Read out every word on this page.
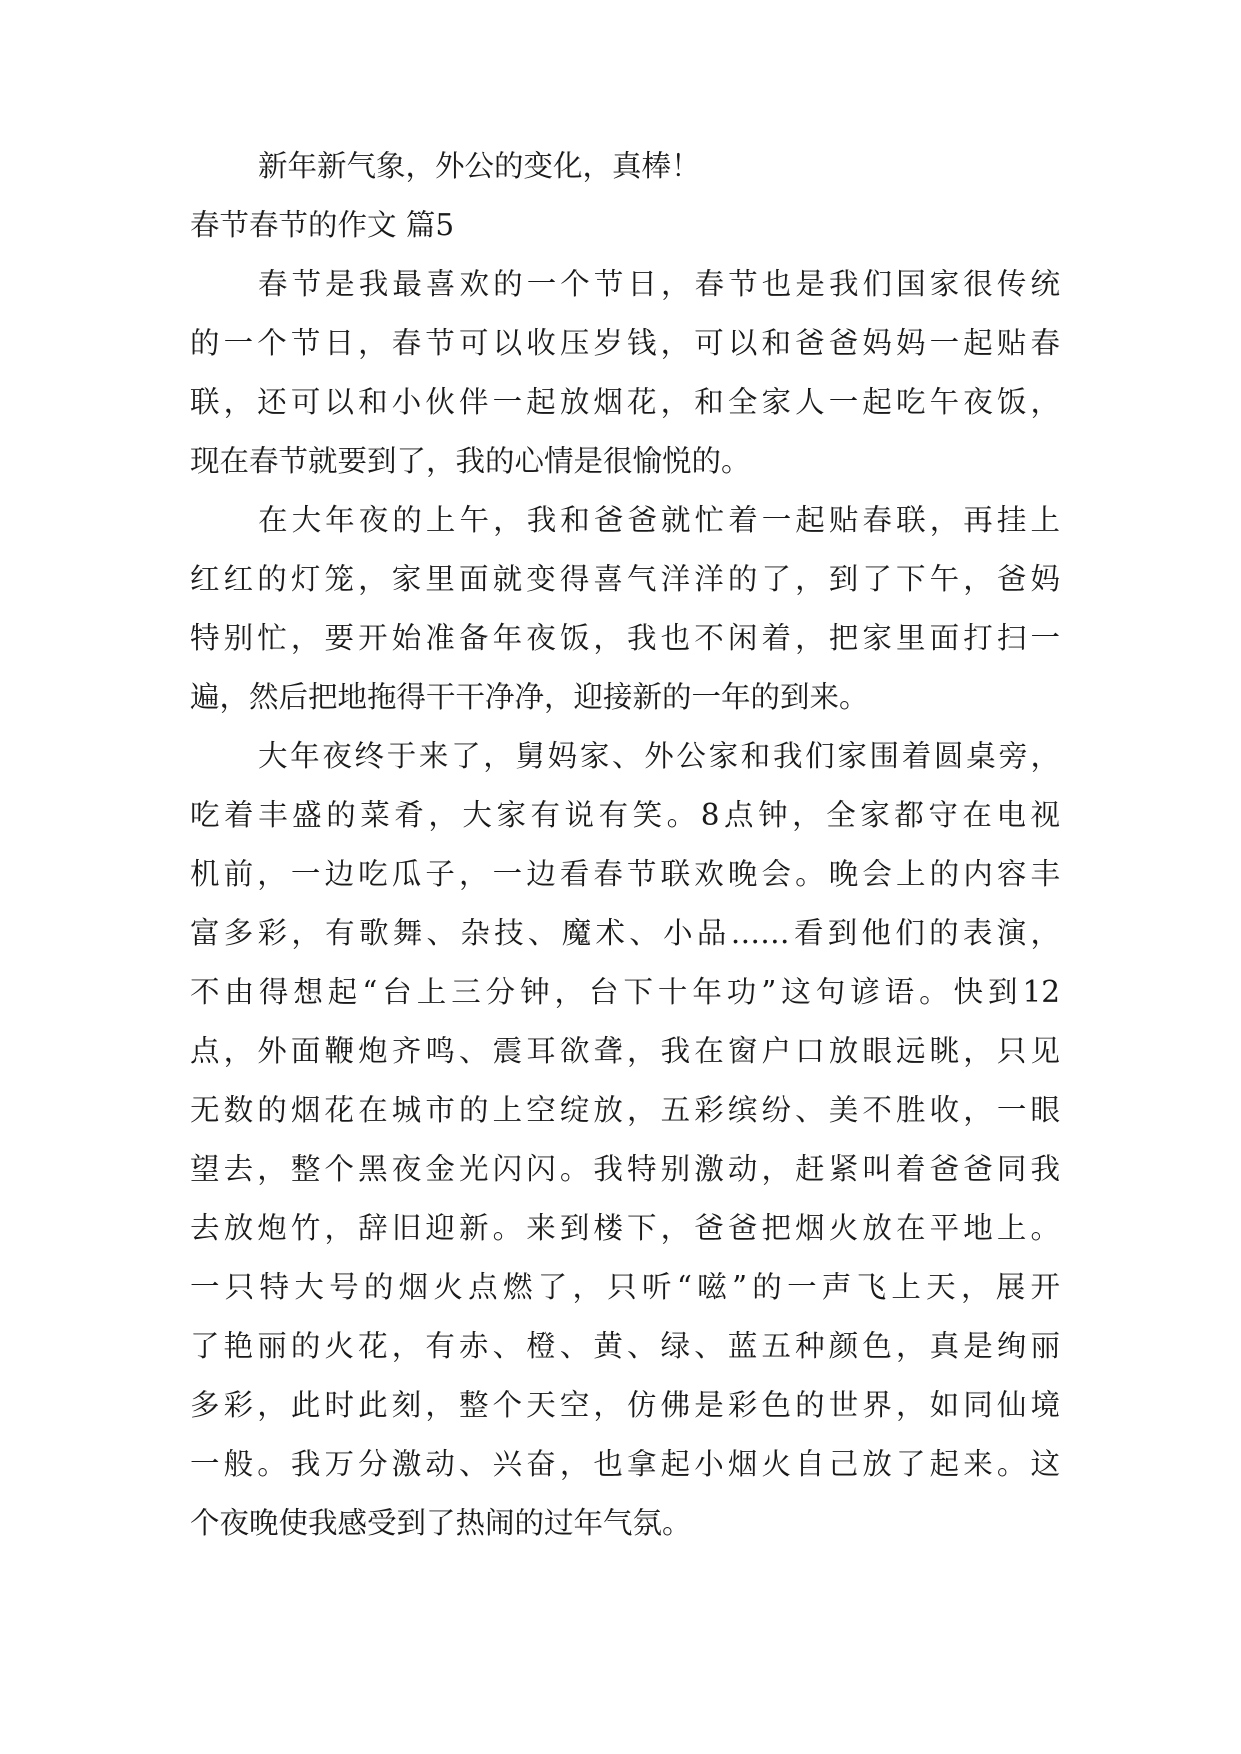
新年新气象，外公的变化，真棒！
春节春节的作文 篇5
春节是我最喜欢的一个节日，春节也是我们国家很传统
的一个节日，春节可以收压岁钱，可以和爸爸妈妈一起贴春
联，还可以和小伙伴一起放烟花，和全家人一起吃午夜饭，
现在春节就要到了，我的心情是很愉悦的。
在大年夜的上午，我和爸爸就忙着一起贴春联，再挂上
红红的灯笼，家里面就变得喜气洋洋的了，到了下午，爸妈
特别忙，要开始准备年夜饭，我也不闲着，把家里面打扫一
遍，然后把地拖得干干净净，迎接新的一年的到来。
大年夜终于来了，舅妈家、外公家和我们家围着圆桌旁，
吃着丰盛的菜肴，大家有说有笑。8点钟，全家都守在电视
机前，一边吃瓜子，一边看春节联欢晚会。晚会上的内容丰
富多彩，有歌舞、杂技、魔术、小品……看到他们的表演，
不由得想起“台上三分钟，台下十年功”这句谚语。快到12
点，外面鞭炮齐鸣、震耳欲聋，我在窗户口放眼远眺，只见
无数的烟花在城市的上空绽放，五彩缤纷、美不胜收，一眼
望去，整个黑夜金光闪闪。我特别激动，赶紧叫着爸爸同我
去放炮竹，辞旧迎新。来到楼下，爸爸把烟火放在平地上。
一只特大号的烟火点燃了，只听“嗞”的一声飞上天，展开
了艳丽的火花，有赤、橙、黄、绿、蓝五种颜色，真是绚丽
多彩，此时此刻，整个天空，仿佛是彩色的世界，如同仙境
一般。我万分激动、兴奋，也拿起小烟火自己放了起来。这
个夜晚使我感受到了热闹的过年气氛。
